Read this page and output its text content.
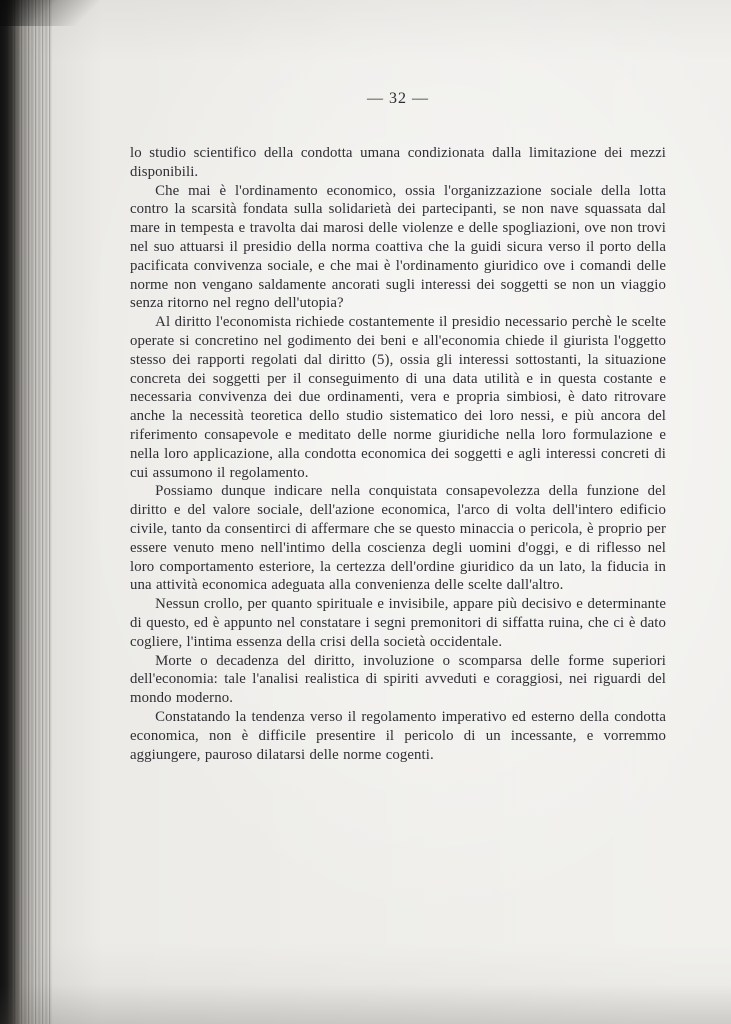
— 32 —

lo studio scientifico della condotta umana condizionata dalla limitazione dei mezzi disponibili.

Che mai è l'ordinamento economico, ossia l'organizzazione sociale della lotta contro la scarsità fondata sulla solidarietà dei partecipanti, se non nave squassata dal mare in tempesta e travolta dai marosi delle violenze e delle spogliazioni, ove non trovi nel suo attuarsi il presidio della norma coattiva che la guidi sicura verso il porto della pacificata convivenza sociale, e che mai è l'ordinamento giuridico ove i comandi delle norme non vengano saldamente ancorati sugli interessi dei soggetti se non un viaggio senza ritorno nel regno dell'utopia?

Al diritto l'economista richiede costantemente il presidio necessario perchè le scelte operate si concretino nel godimento dei beni e all'economia chiede il giurista l'oggetto stesso dei rapporti regolati dal diritto (5), ossia gli interessi sottostanti, la situazione concreta dei soggetti per il conseguimento di una data utilità e in questa costante e necessaria convivenza dei due ordinamenti, vera e propria simbiosi, è dato ritrovare anche la necessità teoretica dello studio sistematico dei loro nessi, e più ancora del riferimento consapevole e meditato delle norme giuridiche nella loro formulazione e nella loro applicazione, alla condotta economica dei soggetti e agli interessi concreti di cui assumono il regolamento.

Possiamo dunque indicare nella conquistata consapevolezza della funzione del diritto e del valore sociale, dell'azione economica, l'arco di volta dell'intero edificio civile, tanto da consentirci di affermare che se questo minaccia o pericola, è proprio per essere venuto meno nell'intimo della coscienza degli uomini d'oggi, e di riflesso nel loro comportamento esteriore, la certezza dell'ordine giuridico da un lato, la fiducia in una attività economica adeguata alla convenienza delle scelte dall'altro.

Nessun crollo, per quanto spirituale e invisibile, appare più decisivo e determinante di questo, ed è appunto nel constatare i segni premonitori di siffatta ruina, che ci è dato cogliere, l'intima essenza della crisi della società occidentale.

Morte o decadenza del diritto, involuzione o scomparsa delle forme superiori dell'economia: tale l'analisi realistica di spiriti avveduti e coraggiosi, nei riguardi del mondo moderno.

Constatando la tendenza verso il regolamento imperativo ed esterno della condotta economica, non è difficile presentire il pericolo di un incessante, e vorremmo aggiungere, pauroso dilatarsi delle norme cogenti.
